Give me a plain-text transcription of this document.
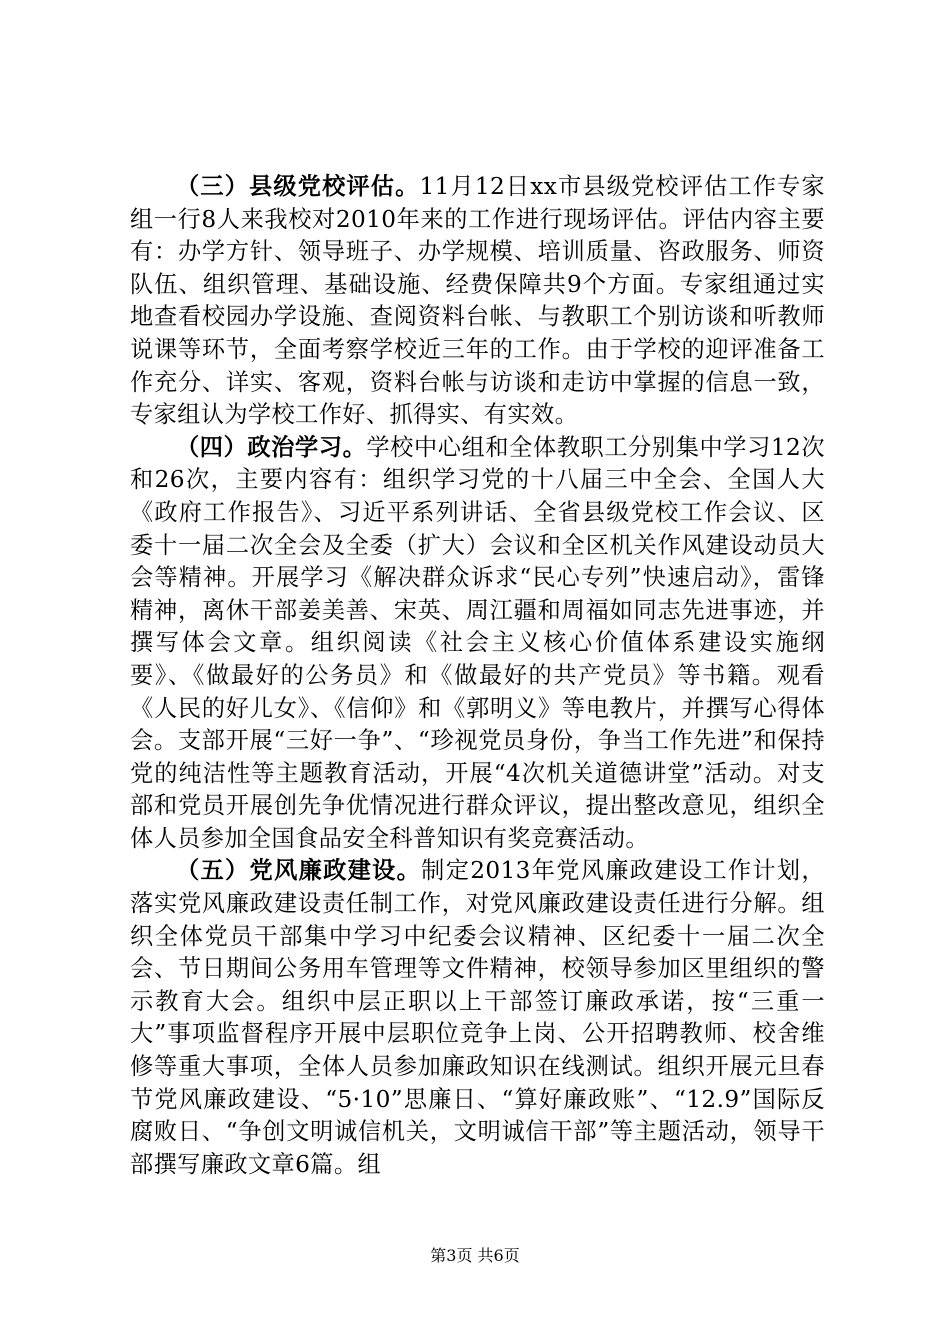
（三）县级党校评估。11月12日xx市县级党校评估工作专家组一行8人来我校对2010年来的工作进行现场评估。评估内容主要有：办学方针、领导班子、办学规模、培训质量、咨政服务、师资队伍、组织管理、基础设施、经费保障共9个方面。专家组通过实地查看校园办学设施、查阅资料台帐、与教职工个别访谈和听教师说课等环节，全面考察学校近三年的工作。由于学校的迎评准备工作充分、详实、客观，资料台帐与访谈和走访中掌握的信息一致，专家组认为学校工作好、抓得实、有实效。

（四）政治学习。学校中心组和全体教职工分别集中学习12次和26次，主要内容有：组织学习党的十八届三中全会、全国人大《政府工作报告》、习近平系列讲话、全省县级党校工作会议、区委十一届二次全会及全委（扩大）会议和全区机关作风建设动员大会等精神。开展学习《解决群众诉求“民心专列”快速启动》，雷锋精神，离休干部姜美善、宋英、周江疆和周福如同志先进事迹，并撰写体会文章。组织阅读《社会主义核心价值体系建设实施纲要》、《做最好的公务员》和《做最好的共产党员》等书籍。观看《人民的好儿女》、《信仰》和《郭明义》等电教片，并撰写心得体会。支部开展“三好一争”、“珍视党员身份，争当工作先进”和保持党的纯洁性等主题教育活动，开展“4次机关道德讲堂”活动。对支部和党员开展创先争优情况进行群众评议，提出整改意见，组织全体人员参加全国食品安全科普知识有奖竞赛活动。

（五）党风廉政建设。制定2013年党风廉政建设工作计划，落实党风廉政建设责任制工作，对党风廉政建设责任进行分解。组织全体党员干部集中学习中纪委会议精神、区纪委十一届二次全会、节日期间公务用车管理等文件精神，校领导参加区里组织的警示教育大会。组织中层正职以上干部签订廉政承诺，按“三重一大”事项监督程序开展中层职位竞争上岗、公开招聘教师、校舍维修等重大事项，全体人员参加廉政知识在线测试。组织开展元旦春节党风廉政建设、“5·10”思廉日、“算好廉政账”、“12.9”国际反腐败日、“争创文明诚信机关，文明诚信干部”等主题活动，领导干部撰写廉政文章6篇。组

第3页 共6页
